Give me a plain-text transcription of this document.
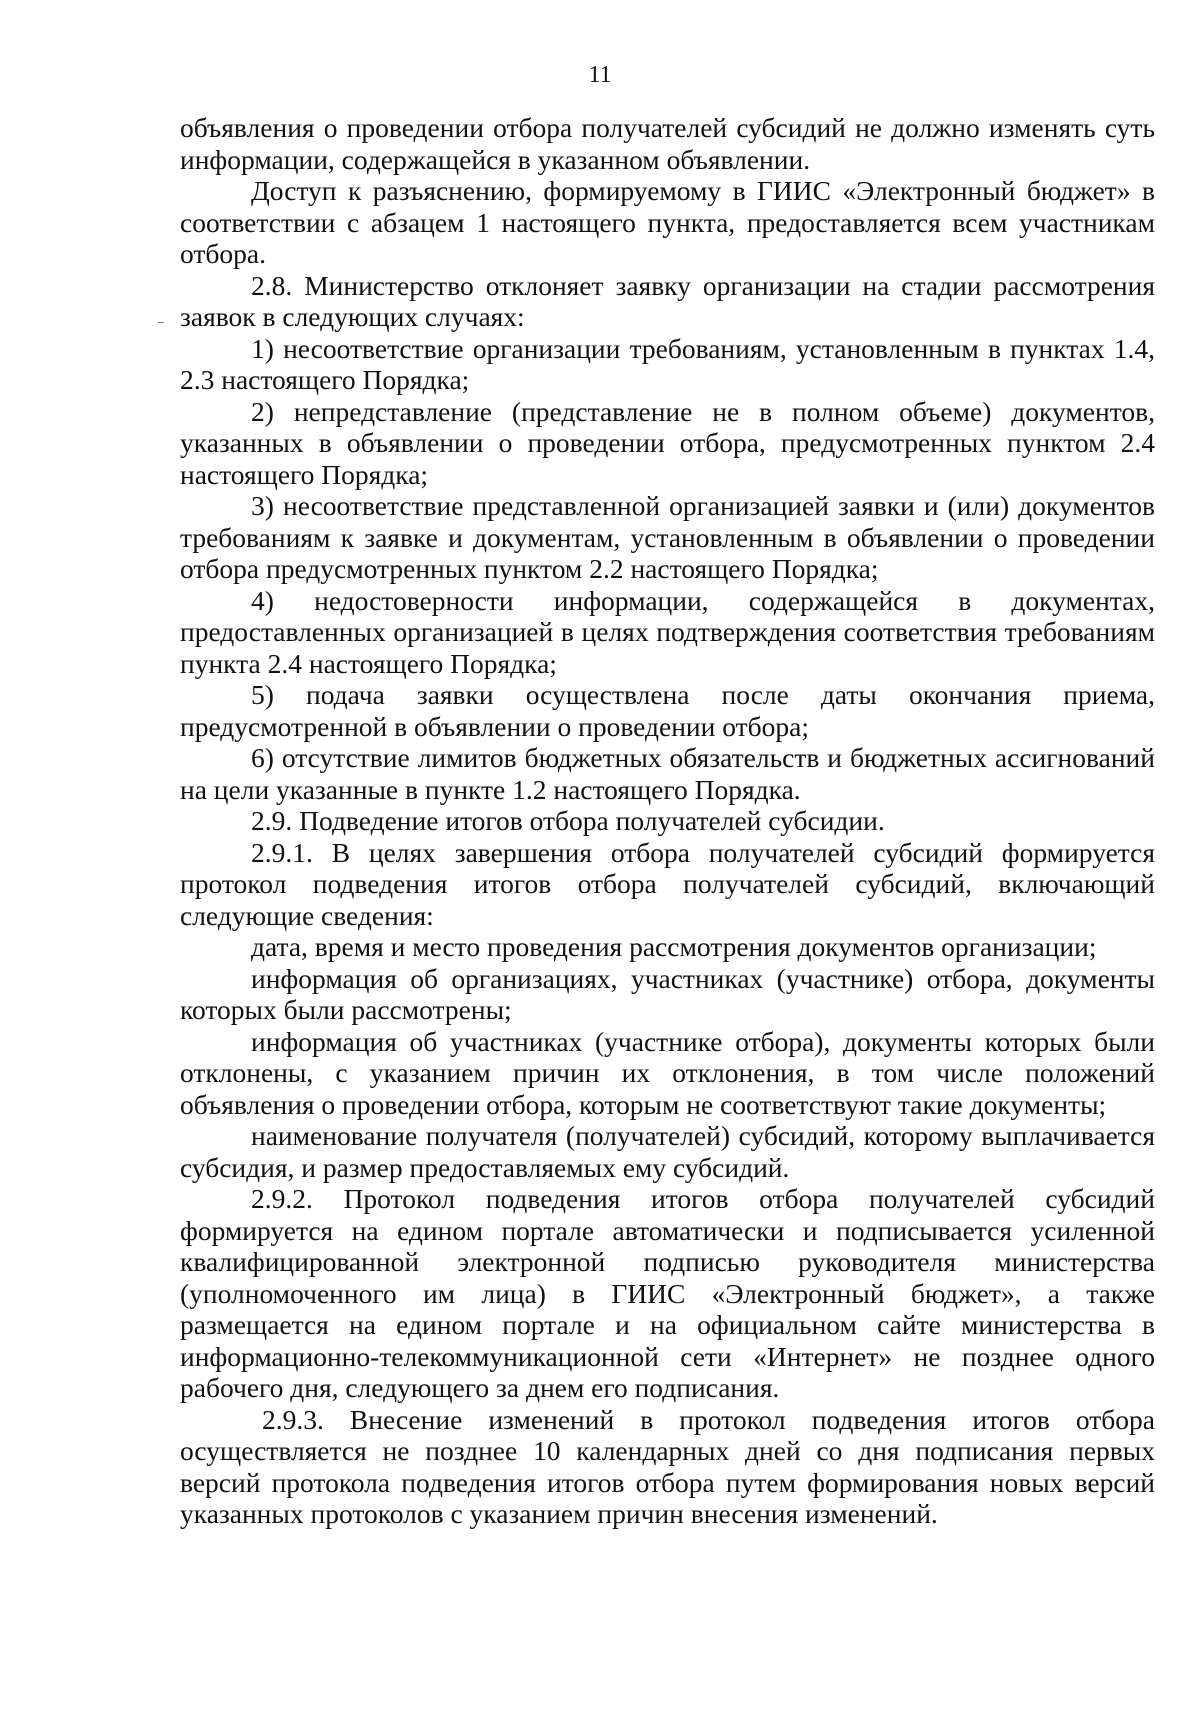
11

объявления о проведении отбора получателей субсидий не должно изменять суть информации, содержащейся в указанном объявлении.

Доступ к разъяснению, формируемому в ГИИС «Электронный бюджет» в соответствии с абзацем 1 настоящего пункта, предоставляется всем участникам отбора.

2.8. Министерство отклоняет заявку организации на стадии рассмотрения заявок в следующих случаях:

1) несоответствие организации требованиям, установленным в пунктах 1.4, 2.3 настоящего Порядка;

2) непредставление (представление не в полном объеме) документов, указанных в объявлении о проведении отбора, предусмотренных пунктом 2.4 настоящего Порядка;

3) несоответствие представленной организацией заявки и (или) документов требованиям к заявке и документам, установленным в объявлении о проведении отбора предусмотренных пунктом 2.2 настоящего Порядка;

4) недостоверности информации, содержащейся в документах, предоставленных организацией в целях подтверждения соответствия требованиям пункта 2.4 настоящего Порядка;

5) подача заявки осуществлена после даты окончания приема, предусмотренной в объявлении о проведении отбора;

6) отсутствие лимитов бюджетных обязательств и бюджетных ассигнований на цели указанные в пункте 1.2 настоящего Порядка.

2.9. Подведение итогов отбора получателей субсидии.

2.9.1. В целях завершения отбора получателей субсидий формируется протокол подведения итогов отбора получателей субсидий, включающий следующие сведения:

дата, время и место проведения рассмотрения документов организации;

информация об организациях, участниках (участнике) отбора, документы которых были рассмотрены;

информация об участниках (участнике отбора), документы которых были отклонены, с указанием причин их отклонения, в том числе положений объявления о проведении отбора, которым не соответствуют такие документы;

наименование получателя (получателей) субсидий, которому выплачивается субсидия, и размер предоставляемых ему субсидий.

2.9.2. Протокол подведения итогов отбора получателей субсидий формируется на едином портале автоматически и подписывается усиленной квалифицированной электронной подписью руководителя министерства (уполномоченного им лица) в ГИИС «Электронный бюджет», а также размещается на едином портале и на официальном сайте министерства в информационно-телекоммуникационной сети «Интернет» не позднее одного рабочего дня, следующего за днем его подписания.

2.9.3. Внесение изменений в протокол подведения итогов отбора осуществляется не позднее 10 календарных дней со дня подписания первых версий протокола подведения итогов отбора путем формирования новых версий указанных протоколов с указанием причин внесения изменений.
